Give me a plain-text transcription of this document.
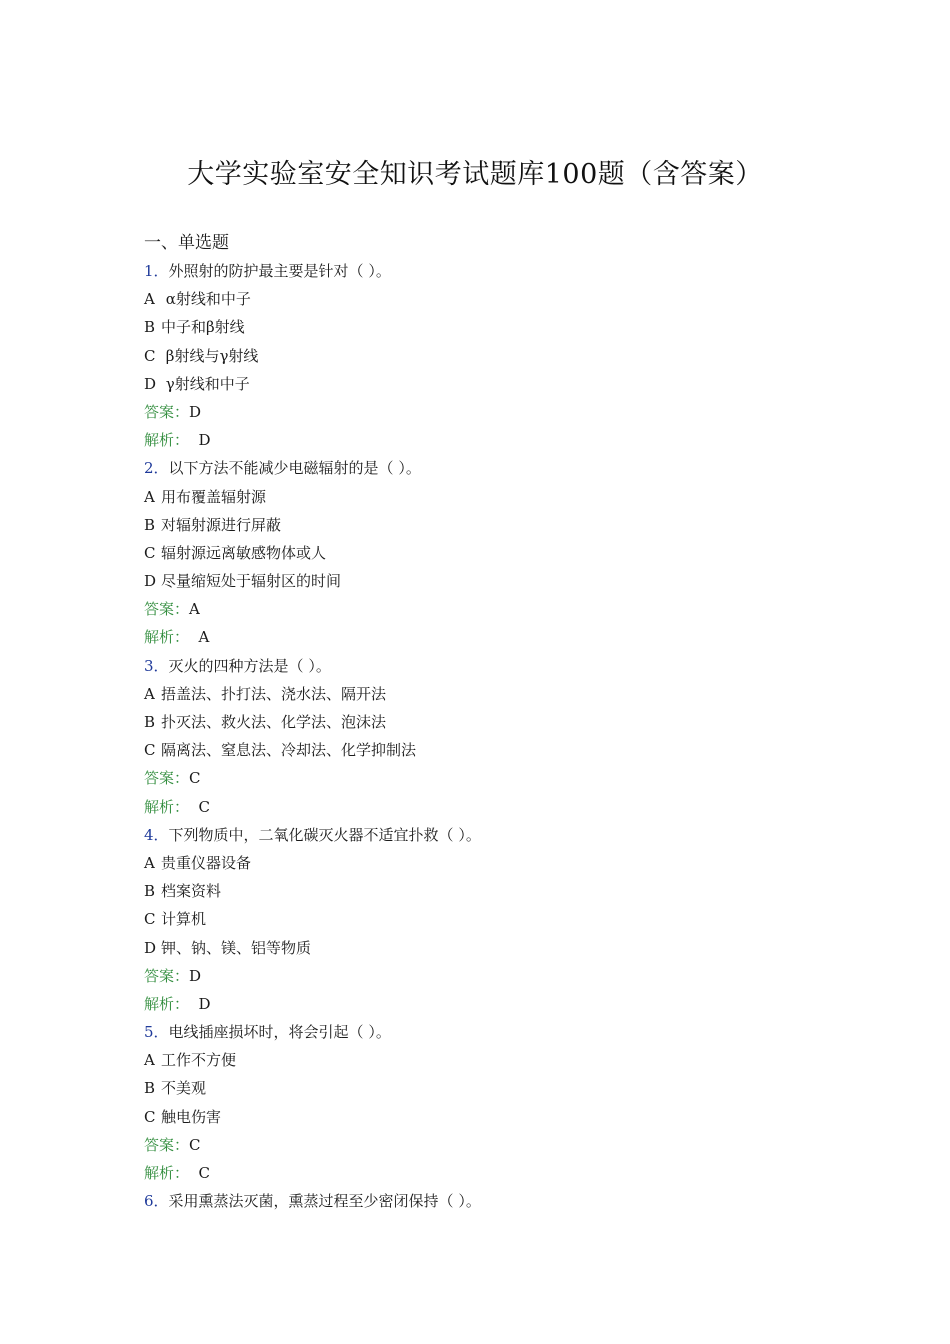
大学实验室安全知识考试题库100题（含答案）
一、单选题
1．外照射的防护最主要是针对（ ）。
A α射线和中子
B 中子和β射线
C β射线与γ射线
D γ射线和中子
答案：D
解析：  D
2．以下方法不能减少电磁辐射的是（ ）。
A 用布覆盖辐射源
B 对辐射源进行屏蔽
C 辐射源远离敏感物体或人
D 尽量缩短处于辐射区的时间
答案：A
解析：  A
3．灭火的四种方法是（ ）。
A 捂盖法、扑打法、浇水法、隔开法
B 扑灭法、救火法、化学法、泡沫法
C 隔离法、窒息法、冷却法、化学抑制法
答案：C
解析：  C
4．下列物质中，二氧化碳灭火器不适宜扑救（ ）。
A 贵重仪器设备
B 档案资料
C 计算机
D 钾、钠、镁、铝等物质
答案：D
解析：  D
5．电线插座损坏时，将会引起（ ）。
A 工作不方便
B 不美观
C 触电伤害
答案：C
解析：  C
6．采用熏蒸法灭菌，熏蒸过程至少密闭保持（ ）。
